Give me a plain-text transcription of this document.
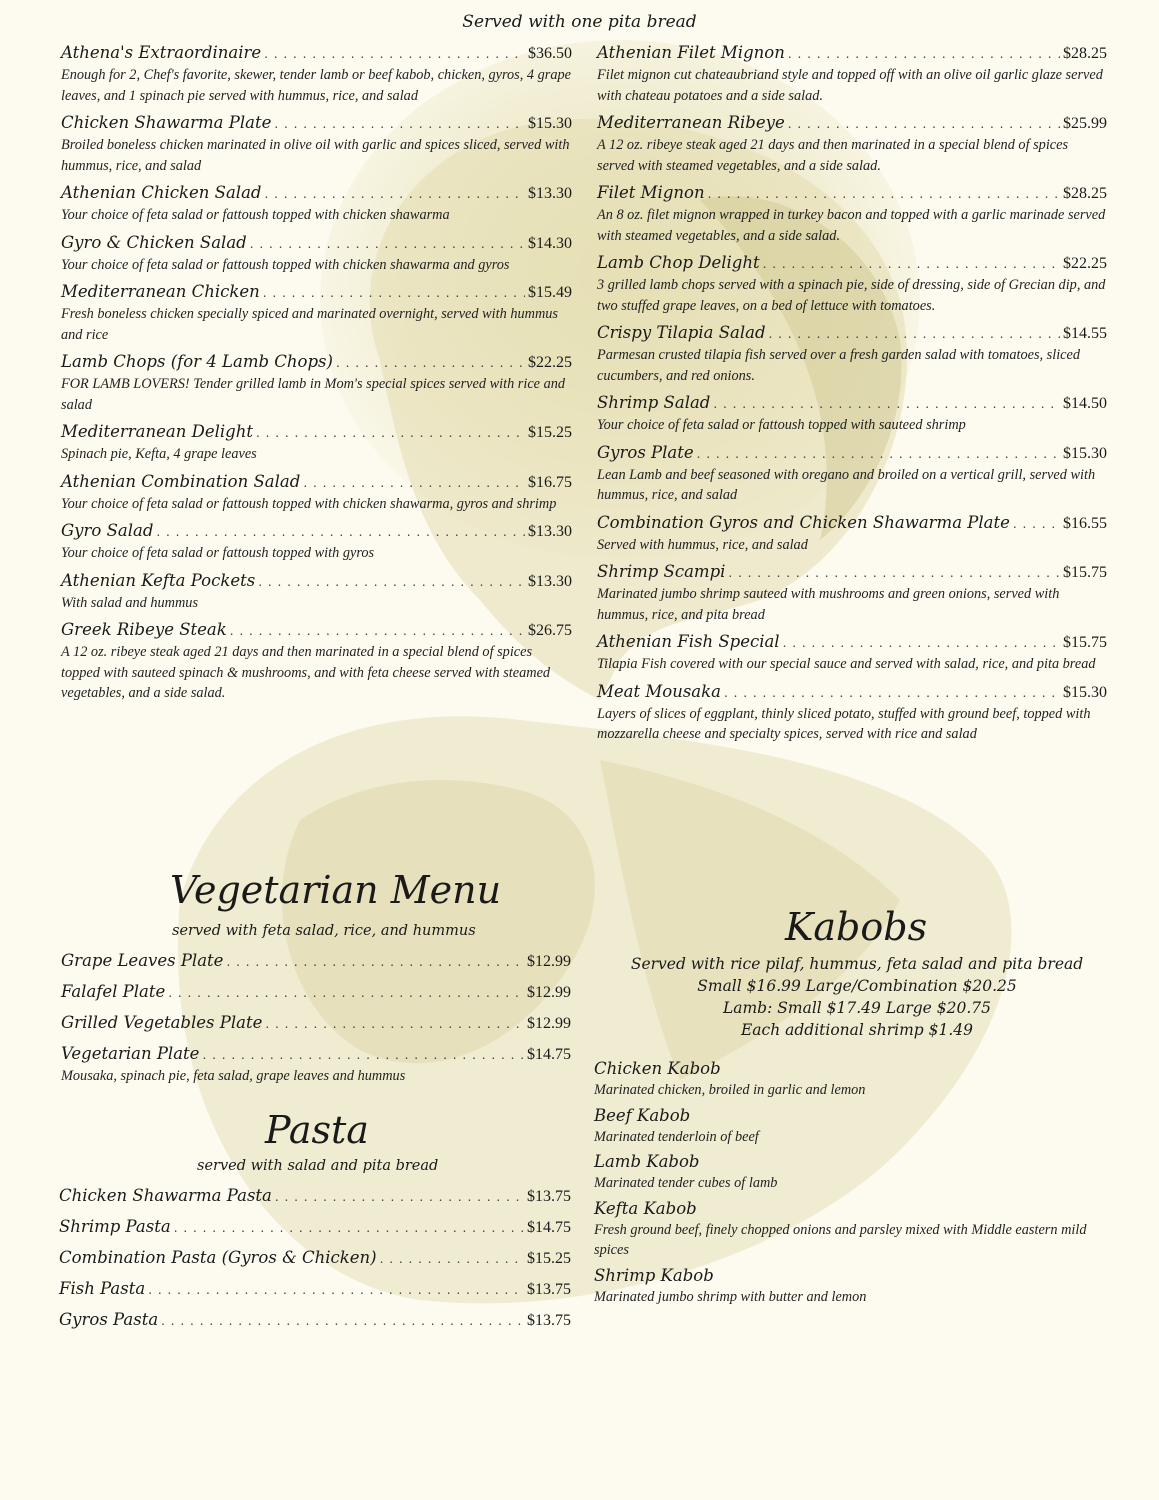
Served with one pita bread
Athena's Extraordinaire . . .	$36.50
Enough for 2, Chef's favorite, skewer, tender lamb or beef kabob, chicken, gyros, 4 grape leaves, and 1 spinach pie served with hummus, rice, and salad
Chicken Shawarma Plate . . .	$15.30
Broiled boneless chicken marinated in olive oil with garlic and spices sliced, served with hummus, rice, and salad
Athenian Chicken Salad . . .	$13.30
Your choice of feta salad or fattoush topped with chicken shawarma
Gyro & Chicken Salad . . .	$14.30
Your choice of feta salad or fattoush topped with chicken shawarma and gyros
Mediterranean Chicken . . .	$15.49
Fresh boneless chicken specially spiced and marinated overnight, served with hummus and rice
Lamb Chops (for 4 Lamb Chops) . . .	$22.25
FOR LAMB LOVERS! Tender grilled lamb in Mom's special spices served with rice and salad
Mediterranean Delight . . .	$15.25
Spinach pie, Kefta, 4 grape leaves
Athenian Combination Salad . . .	$16.75
Your choice of feta salad or fattoush topped with chicken shawarma, gyros and shrimp
Gyro Salad . . .	$13.30
Your choice of feta salad or fattoush topped with gyros
Athenian Kefta Pockets . . .	$13.30
With salad and hummus
Greek Ribeye Steak . . .	$26.75
A 12 oz. ribeye steak aged 21 days and then marinated in a special blend of spices topped with sauteed spinach & mushrooms, and with feta cheese served with steamed vegetables, and a side salad.
Athenian Filet Mignon . . .	$28.25
Filet mignon cut chateaubriand style and topped off with an olive oil garlic glaze served with chateau potatoes and a side salad.
Mediterranean Ribeye . . .	$25.99
A 12 oz. ribeye steak aged 21 days and then marinated in a special blend of spices served with steamed vegetables, and a side salad.
Filet Mignon . . .	$28.25
An 8 oz. filet mignon wrapped in turkey bacon and topped with a garlic marinade served with steamed vegetables, and a side salad.
Lamb Chop Delight . . .	$22.25
3 grilled lamb chops served with a spinach pie, side of dressing, side of Grecian dip, and two stuffed grape leaves, on a bed of lettuce with tomatoes.
Crispy Tilapia Salad . . .	$14.55
Parmesan crusted tilapia fish served over a fresh garden salad with tomatoes, sliced cucumbers, and red onions.
Shrimp Salad . . .	$14.50
Your choice of feta salad or fattoush topped with sauteed shrimp
Gyros Plate . . .	$15.30
Lean Lamb and beef seasoned with oregano and broiled on a vertical grill, served with hummus, rice, and salad
Combination Gyros and Chicken Shawarma Plate . . .	$16.55
Served with hummus, rice, and salad
Shrimp Scampi . . .	$15.75
Marinated jumbo shrimp sauteed with mushrooms and green onions, served with hummus, rice, and pita bread
Athenian Fish Special . . .	$15.75
Tilapia Fish covered with our special sauce and served with salad, rice, and pita bread
Meat Mousaka . . .	$15.30
Layers of slices of eggplant, thinly sliced potato, stuffed with ground beef, topped with mozzarella cheese and specialty spices, served with rice and salad
Vegetarian Menu
served with feta salad, rice, and hummus
Grape Leaves Plate . . .	$12.99
Falafel Plate . . .	$12.99
Grilled Vegetables Plate . . .	$12.99
Vegetarian Plate . . .	$14.75
Mousaka, spinach pie, feta salad, grape leaves and hummus
Pasta
served with salad and pita bread
Chicken Shawarma Pasta . . .	$13.75
Shrimp Pasta . . .	$14.75
Combination Pasta (Gyros & Chicken) . . .	$15.25
Fish Pasta . . .	$13.75
Gyros Pasta . . .	$13.75
Kabobs
Served with rice pilaf, hummus, feta salad and pita bread
Small $16.99 Large/Combination $20.25
Lamb: Small $17.49 Large $20.75
Each additional shrimp $1.49
Chicken Kabob
Marinated chicken, broiled in garlic and lemon
Beef Kabob
Marinated tenderloin of beef
Lamb Kabob
Marinated tender cubes of lamb
Kefta Kabob
Fresh ground beef, finely chopped onions and parsley mixed with Middle eastern mild spices
Shrimp Kabob
Marinated jumbo shrimp with butter and lemon
